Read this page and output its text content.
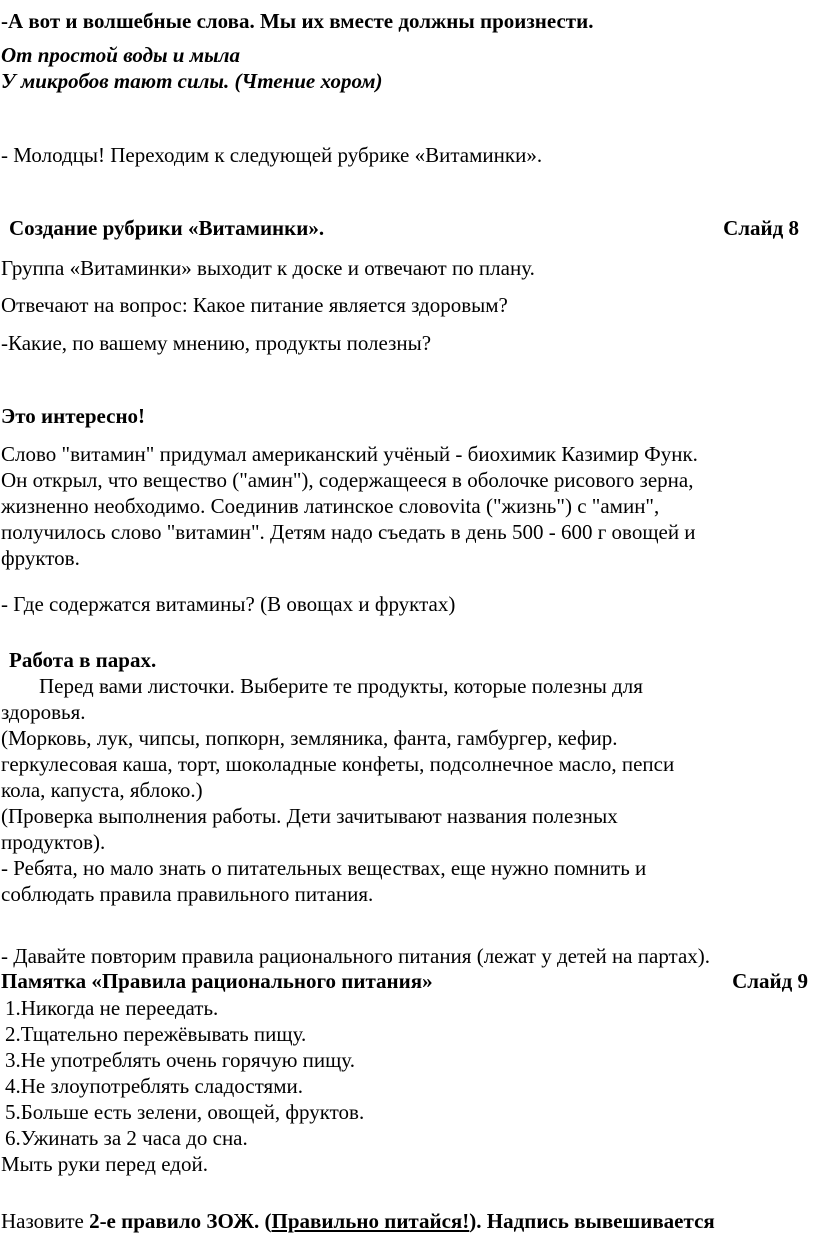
-А вот и волшебные слова. Мы их вместе должны произнести.

От простой воды и мыла

У микробов тают силы. (Чтение хором)

- Молодцы! Переходим к следующей рубрике «Витаминки».

Создание рубрики «Витаминки».	Слайд 8

Группа «Витаминки» выходит к доске и отвечают по плану.

Отвечают на вопрос: Какое питание является здоровым?

-Какие, по вашему мнению, продукты полезны?

Это интересно!

Слово "витамин" придумал американский учёный - биохимик Казимир Функ.

Он открыл, что вещество ("амин"), содержащееся в оболочке рисового зерна,

жизненно необходимо. Соединив латинское словоvita ("жизнь") с "амин",

получилось слово "витамин". Детям надо съедать в день 500 - 600 г овощей и

фруктов.

- Где содержатся витамины? (В овощах и фруктах)

Работа в парах.

Перед вами листочки. Выберите те продукты, которые полезны для

здоровья.

(Морковь, лук, чипсы, попкорн, земляника, фанта, гамбургер, кефир.

геркулесовая каша, торт, шоколадные конфеты, подсолнечное масло, пепси

кола, капуста, яблоко.)

(Проверка выполнения работы. Дети зачитывают названия полезных

продуктов).

- Ребята, но мало знать о питательных веществах, еще нужно помнить и

соблюдать правила правильного питания.

- Давайте повторим правила рационального питания (лежат у детей на партах).

Памятка «Правила рационального питания»	Слайд 9

1.Никогда не переедать.

2.Тщательно пережёвывать пищу.

3.Не употреблять очень горячую пищу.

4.Не злоупотреблять сладостями.

5.Больше есть зелени, овощей, фруктов.

6.Ужинать за 2 часа до сна.

Мыть руки перед едой.

Назовите 2-е правило ЗОЖ. (Правильно питайся!). Надпись вывешивается
